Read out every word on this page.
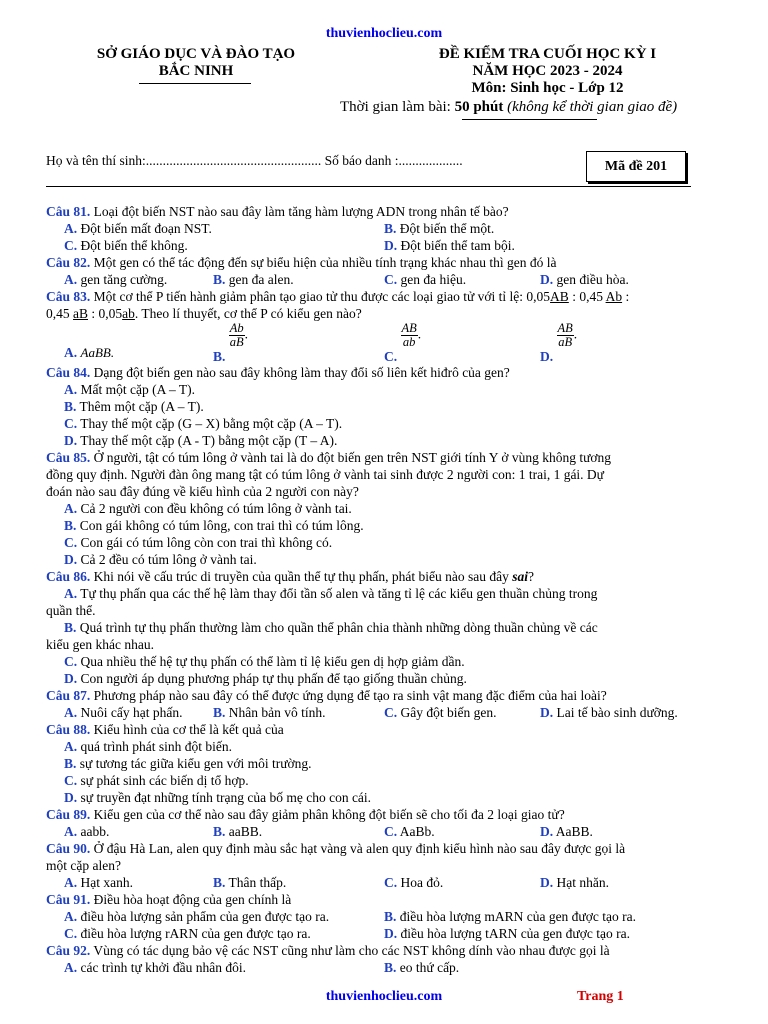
thuvienhoclieu.com
SỞ GIÁO DỤC VÀ ĐÀO TẠO
BẮC NINH
ĐỀ KIỂM TRA CUỐI HỌC KỲ I
NĂM HỌC 2023 - 2024
Môn: Sinh học - Lớp 12
Thời gian làm bài: 50 phút (không kể thời gian giao đề)
Họ và tên thí sinh:.................................................... Số báo danh :...................	Mã đề 201
Câu 81. Loại đột biến NST nào sau đây làm tăng hàm lượng ADN trong nhân tế bào?
A. Đột biến mất đoạn NST.	B. Đột biến thể một.
C. Đột biến thể không.	D. Đột biến thể tam bội.
Câu 82. Một gen có thể tác động đến sự biểu hiện của nhiều tính trạng khác nhau thì gen đó là
A. gen tăng cường.	B. gen đa alen.	C. gen đa hiệu.	D. gen điều hòa.
Câu 83. Một cơ thể P tiến hành giảm phân tạo giao tử thu được các loại giao tử với tỉ lệ: 0,05AB : 0,45 Ab :
0,45 aB : 0,05ab. Theo lí thuyết, cơ thể P có kiểu gen nào?
A. AaBB.	B.
$\frac{Ab}{aB}$ .
C.
$\frac{AB}{ab}$ .
D.
$\frac{AB}{aB}$ .
Câu 84. Dạng đột biến gen nào sau đây không làm thay đổi số liên kết hiđrô của gen?
A. Mất một cặp (A – T).
B. Thêm một cặp (A – T).
C. Thay thế một cặp (G – X) bằng một cặp (A – T).
D. Thay thế một cặp (A - T) bằng một cặp (T – A).
Câu 85. Ở người, tật có túm lông ở vành tai là do đột biến gen trên NST giới tính Y ở vùng không tương
đồng quy định. Người đàn ông mang tật có túm lông ở vành tai sinh được 2 người con: 1 trai, 1 gái. Dự
đoán nào sau đây đúng về kiểu hình của 2 người con này?
A. Cả 2 người con đều không có túm lông ở vành tai.
B. Con gái không có túm lông, con trai thì có túm lông.
C. Con gái có túm lông còn con trai thì không có.
D. Cả 2 đều có túm lông ở vành tai.
Câu 86. Khi nói về cấu trúc di truyền của quần thể tự thụ phấn, phát biểu nào sau đây sai?
A. Tự thụ phấn qua các thế hệ làm thay đổi tần số alen và tăng tỉ lệ các kiểu gen thuần chủng trong
quần thể.
B. Quá trình tự thụ phấn thường làm cho quần thể phân chia thành những dòng thuần chủng về các
kiểu gen khác nhau.
C. Qua nhiều thế hệ tự thụ phấn có thể làm tỉ lệ kiểu gen dị hợp giảm dần.
D. Con người áp dụng phương pháp tự thụ phấn để tạo giống thuần chủng.
Câu 87. Phương pháp nào sau đây có thể được ứng dụng để tạo ra sinh vật mang đặc điểm của hai loài?
A. Nuôi cấy hạt phấn. B. Nhân bản vô tính.	C. Gây đột biến gen.	D. Lai tế bào sinh dưỡng.
Câu 88. Kiểu hình của cơ thể là kết quả của
A. quá trình phát sinh đột biến.
B. sự tương tác giữa kiểu gen với môi trường.
C. sự phát sinh các biến dị tổ hợp.
D. sự truyền đạt những tính trạng của bố mẹ cho con cái.
Câu 89. Kiểu gen của cơ thể nào sau đây giảm phân không đột biến sẽ cho tối đa 2 loại giao tử?
A. aabb.	B. aaBB.	C. AaBb.	D. AaBB.
Câu 90. Ở đậu Hà Lan, alen quy định màu sắc hạt vàng và alen quy định kiểu hình nào sau đây được gọi là
một cặp alen?
A. Hạt xanh.	B. Thân thấp.	C. Hoa đỏ.	D. Hạt nhăn.
Câu 91. Điều hòa hoạt động của gen chính là
A. điều hòa lượng sản phẩm của gen được tạo ra.	B. điều hòa lượng mARN của gen được tạo ra.
C. điều hòa lượng rARN của gen được tạo ra.	D. điều hòa lượng tARN của gen được tạo ra.
Câu 92. Vùng có tác dụng bảo vệ các NST cũng như làm cho các NST không dính vào nhau được gọi là
A. các trình tự khởi đầu nhân đôi.	B. eo thứ cấp.
thuvienhoclieu.com	Trang 1
